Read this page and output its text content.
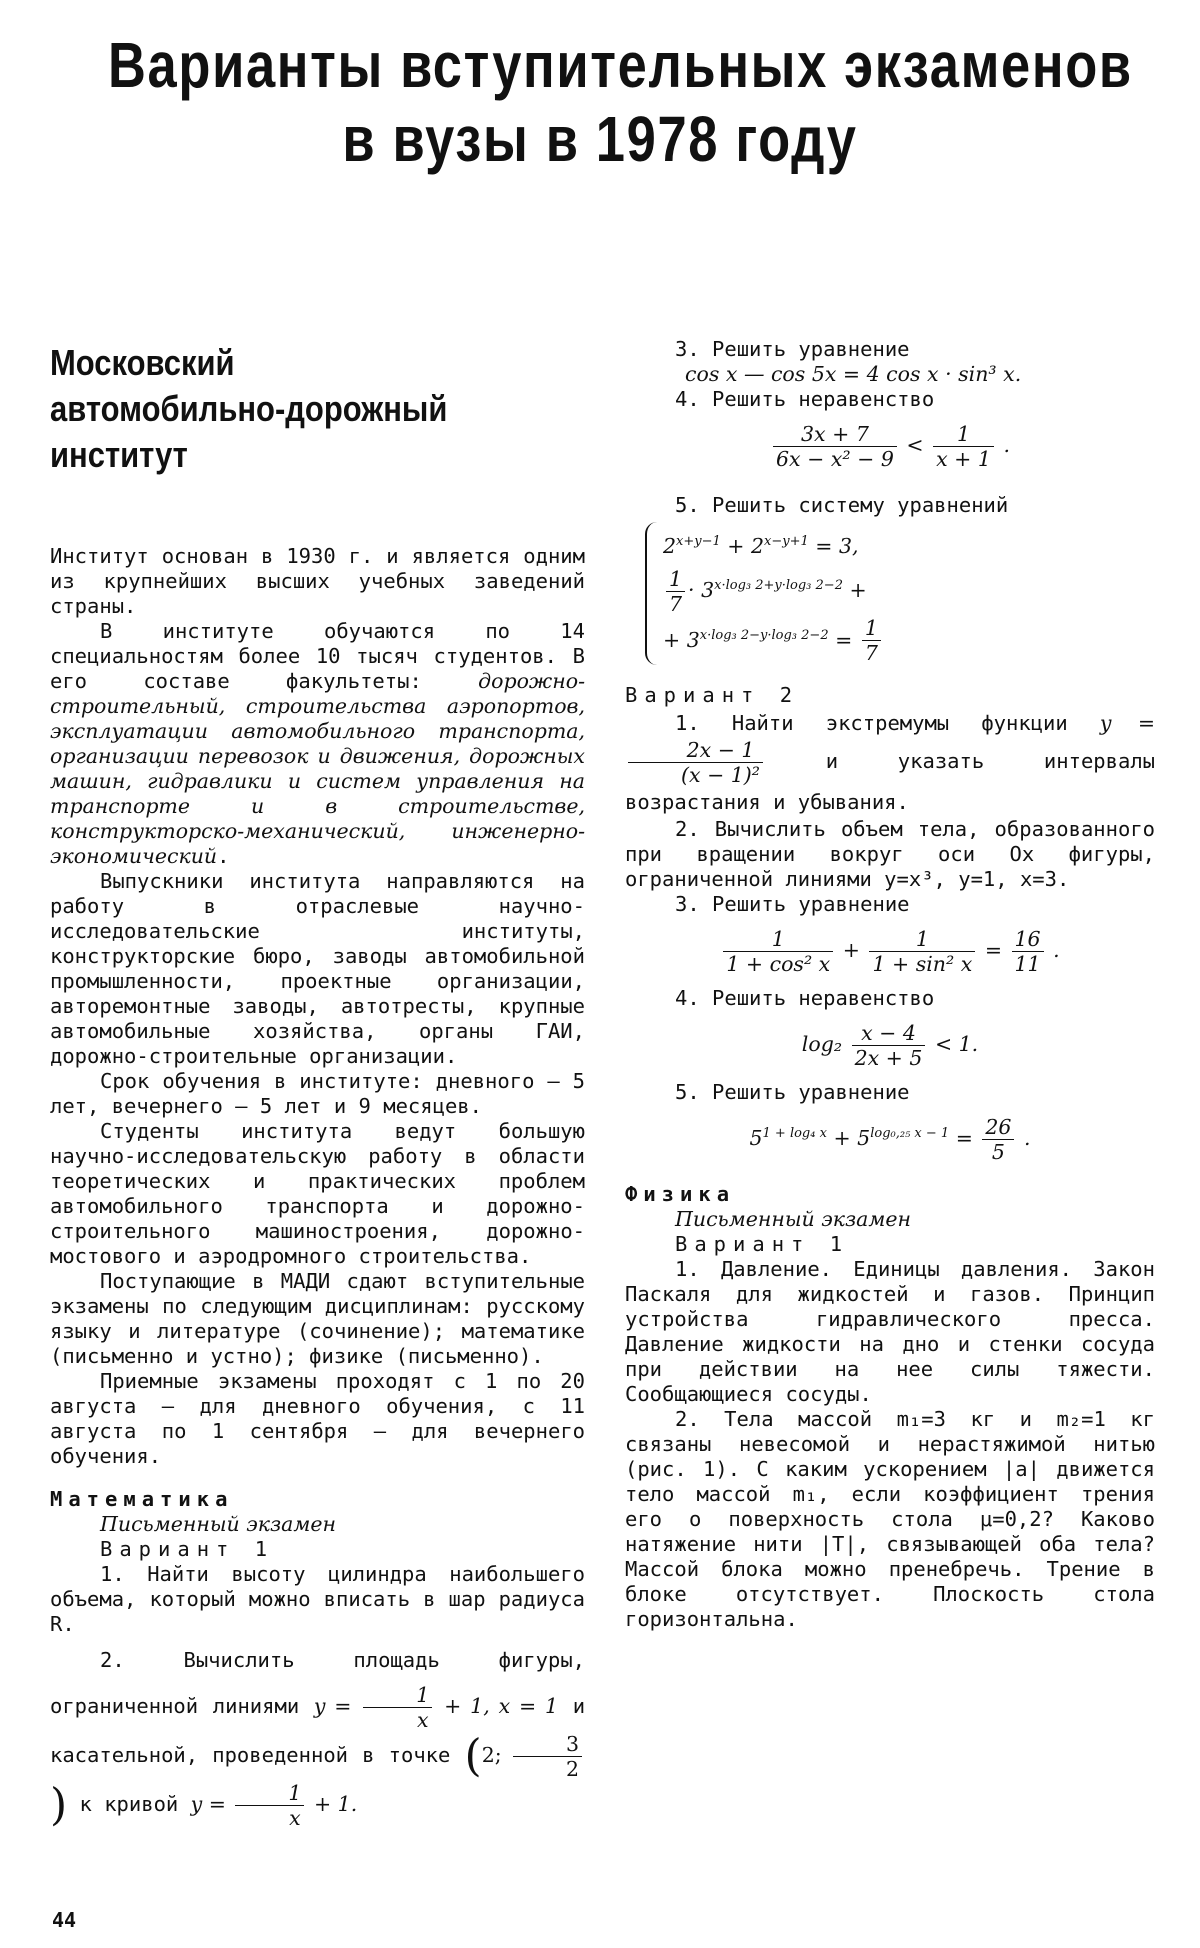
Варианты вступительных экзаменов
в вузы в 1978 году
Московский
автомобильно-дорожный
институт

Институт основан в 1930 г. и является одним из крупнейших высших учебных заведений страны.

В институте обучаются по 14 специальностям более 10 тысяч студентов. В его составе факультеты: дорожно-строительный, строительства аэропортов, эксплуатации автомобильного транспорта, организации перевозок и движения, дорожных машин, гидравлики и систем управления на транспорте и в строительстве, конструкторско-механический, инженерно-экономический.

Выпускники института направляются на работу в отраслевые научно-исследовательские институты, конструкторские бюро, заводы автомобильной промышленности, проектные организации, авторемонтные заводы, автотресты, крупные автомобильные хозяйства, органы ГАИ, дорожно-строительные организации.

Срок обучения в институте: дневного — 5 лет, вечернего — 5 лет и 9 месяцев.

Студенты института ведут большую научно-исследовательскую работу в области теоретических и практических проблем автомобильного транспорта и дорожно-строительного машиностроения, дорожно-мостового и аэродромного строительства.

Поступающие в МАДИ сдают вступительные экзамены по следующим дисциплинам: русскому языку и литературе (сочинение); математике (письменно и устно); физике (письменно).

Приемные экзамены проходят с 1 по 20 августа — для дневного обучения, с 11 августа по 1 сентября — для вечернего обучения.

Математика
Письменный экзамен
Вариант 1

1. Найти высоту цилиндра наибольшего объема, который можно вписать в шар радиуса R.

2. Вычислить площадь фигуры, ограниченной линиями $y = \frac{1}{x} + 1$, x = 1 и касательной, проведенной в точке (2; $\frac{3}{2}$
) к кривой $y = \frac{1}{x} + 1$.

3. Решить уравнение
cos x — cos 5x = 4 cos x · sin³ x.
4. Решить неравенство
$\frac{3x + 7}{\text{6x − x² − 9}} < \frac{1}{x + 1}$ .
5. Решить систему уравнений
$2^{x+y-1} + 2^{x-y+1} = 3$,
$\frac{1}{7} \cdot 3^{x\cdot log_3 2+y\cdot log_3 2-2}$ +
+ $3^{x\cdot log_3 2-y\cdot log_3 2-2} = \frac{1}{7}$
Вариант 2

1. Найти экстремумы функции y =
$\frac{2x - 1}{\text{(x − 1)²}}$	и указать интервалы возрастания и убывания.

2. Вычислить объем тела, образованного при вращении вокруг оси Ox фигуры, ограниченной линиями y=x³, y=1, x=3.

3. Решить уравнение
$\frac{1}{\text{1 + cos² x}} + \frac{1}{\text{1 + sin² x}} = \frac{16}{11}$ .
4. Решить неравенство
$\log_2 \frac{x - 4}{2x + 5} < 1$.
5. Решить уравнение
$5^{1 + log_4 x} + 5^{log_0,_{25} x - 1} = \frac{26}{5}$ .
Физика
Письменный экзамен
Вариант 1

1. Давление. Единицы давления. Закон Паскаля для жидкостей и газов. Принцип устройства гидравлического пресса. Давление жидкости на дно и стенки сосуда при действии на нее силы тяжести. Сообщающиеся сосуды.

2. Тела массой m₁=3 кг и m₂=1 кг связаны невесомой и нерастяжимой нитью (рис. 1). С каким ускорением |a| движется тело массой m₁, если коэффициент трения его о поверхность стола μ=0,2? Каково натяжение нити |T|, связывающей оба тела? Массой блока можно пренебречь. Трение в блоке отсутствует. Плоскость стола горизонтальна.

44
